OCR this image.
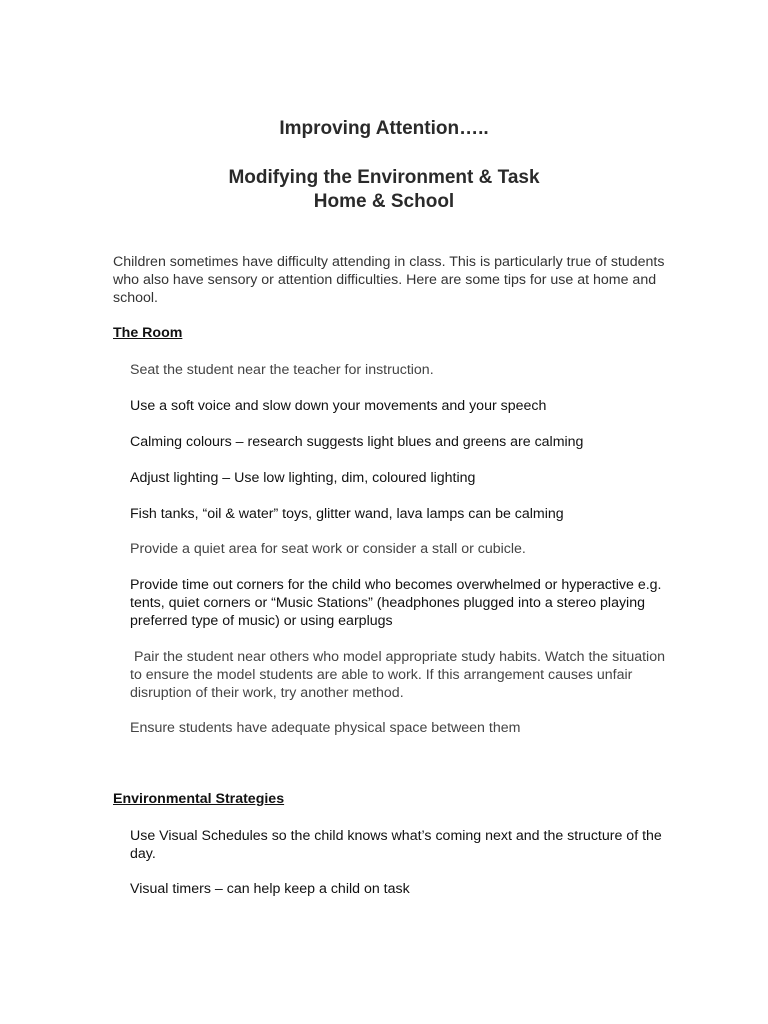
Improving Attention…..
Modifying the Environment & Task
Home & School

Children sometimes have difficulty attending in class. This is particularly true of students who also have sensory or attention difficulties. Here are some tips for use at home and school.

The Room

Seat the student near the teacher for instruction.

Use a soft voice and slow down your movements and your speech

Calming colours – research suggests light blues and greens are calming

Adjust lighting – Use low lighting, dim, coloured lighting

Fish tanks, “oil & water” toys, glitter wand, lava lamps can be calming

Provide a quiet area for seat work or consider a stall or cubicle.

Provide time out corners for the child who becomes overwhelmed or hyperactive e.g. tents, quiet corners or “Music Stations” (headphones plugged into a stereo playing preferred type of music) or using earplugs

Pair the student near others who model appropriate study habits. Watch the situation to ensure the model students are able to work. If this arrangement causes unfair disruption of their work, try another method.

Ensure students have adequate physical space between them

Environmental Strategies

Use Visual Schedules so the child knows what’s coming next and the structure of the day.

Visual timers – can help keep a child on task
